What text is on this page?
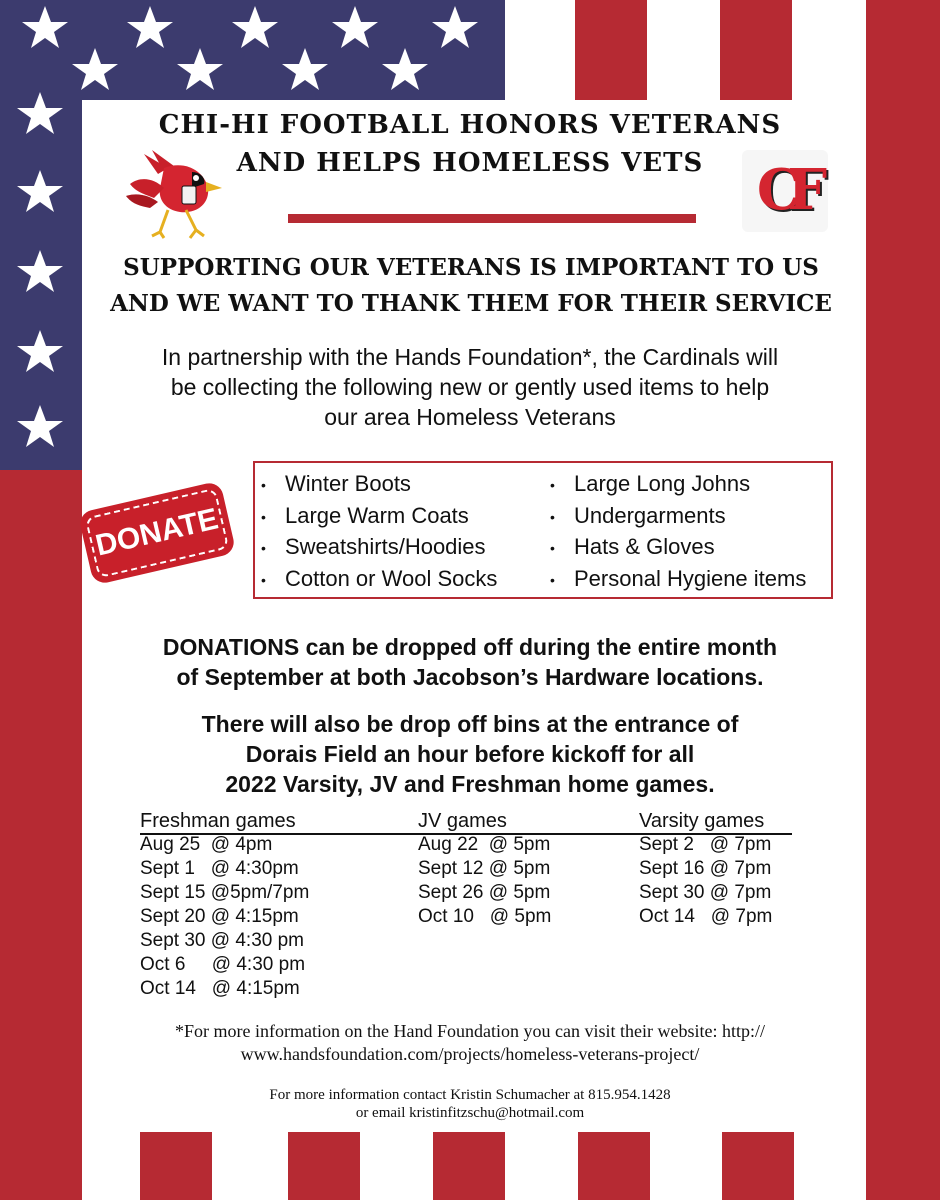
CHI-HI FOOTBALL HONORS VETERANS
AND HELPS HOMELESS VETS CF
SUPPORTING OUR VETERANS IS IMPORTANT TO US
AND WE WANT TO THANK THEM FOR THEIR SERVICE
In partnership with the Hands Foundation*, the Cardinals will
be collecting the following new or gently used items to help
our area Homeless Veterans
DONATE
• Winter Boots
• Large Warm Coats
• Sweatshirts/Hoodies
• Cotton or Wool Socks
• Large Long Johns
• Undergarments
• Hats & Gloves
• Personal Hygiene items
DONATIONS can be dropped off during the entire month
of September at both Jacobson’s Hardware locations.
There will also be drop off bins at the entrance of
Dorais Field an hour before kickoff for all
2022 Varsity, JV and Freshman home games.
Freshman games
Aug 25  @ 4pm
Sept 1   @ 4:30pm
Sept 15 @5pm/7pm
Sept 20 @ 4:15pm
Sept 30 @ 4:30 pm
Oct 6     @ 4:30 pm
Oct 14   @ 4:15pm
JV games
Aug 22  @ 5pm
Sept 12 @ 5pm
Sept 26 @ 5pm
Oct 10   @ 5pm
Varsity games
Sept 2   @ 7pm
Sept 16 @ 7pm
Sept 30 @ 7pm
Oct 14   @ 7pm
*For more information on the Hand Foundation you can visit their website: http://
www.handsfoundation.com/projects/homeless-veterans-project/
For more information contact Kristin Schumacher at 815.954.1428
or email kristinfitzschu@hotmail.com
